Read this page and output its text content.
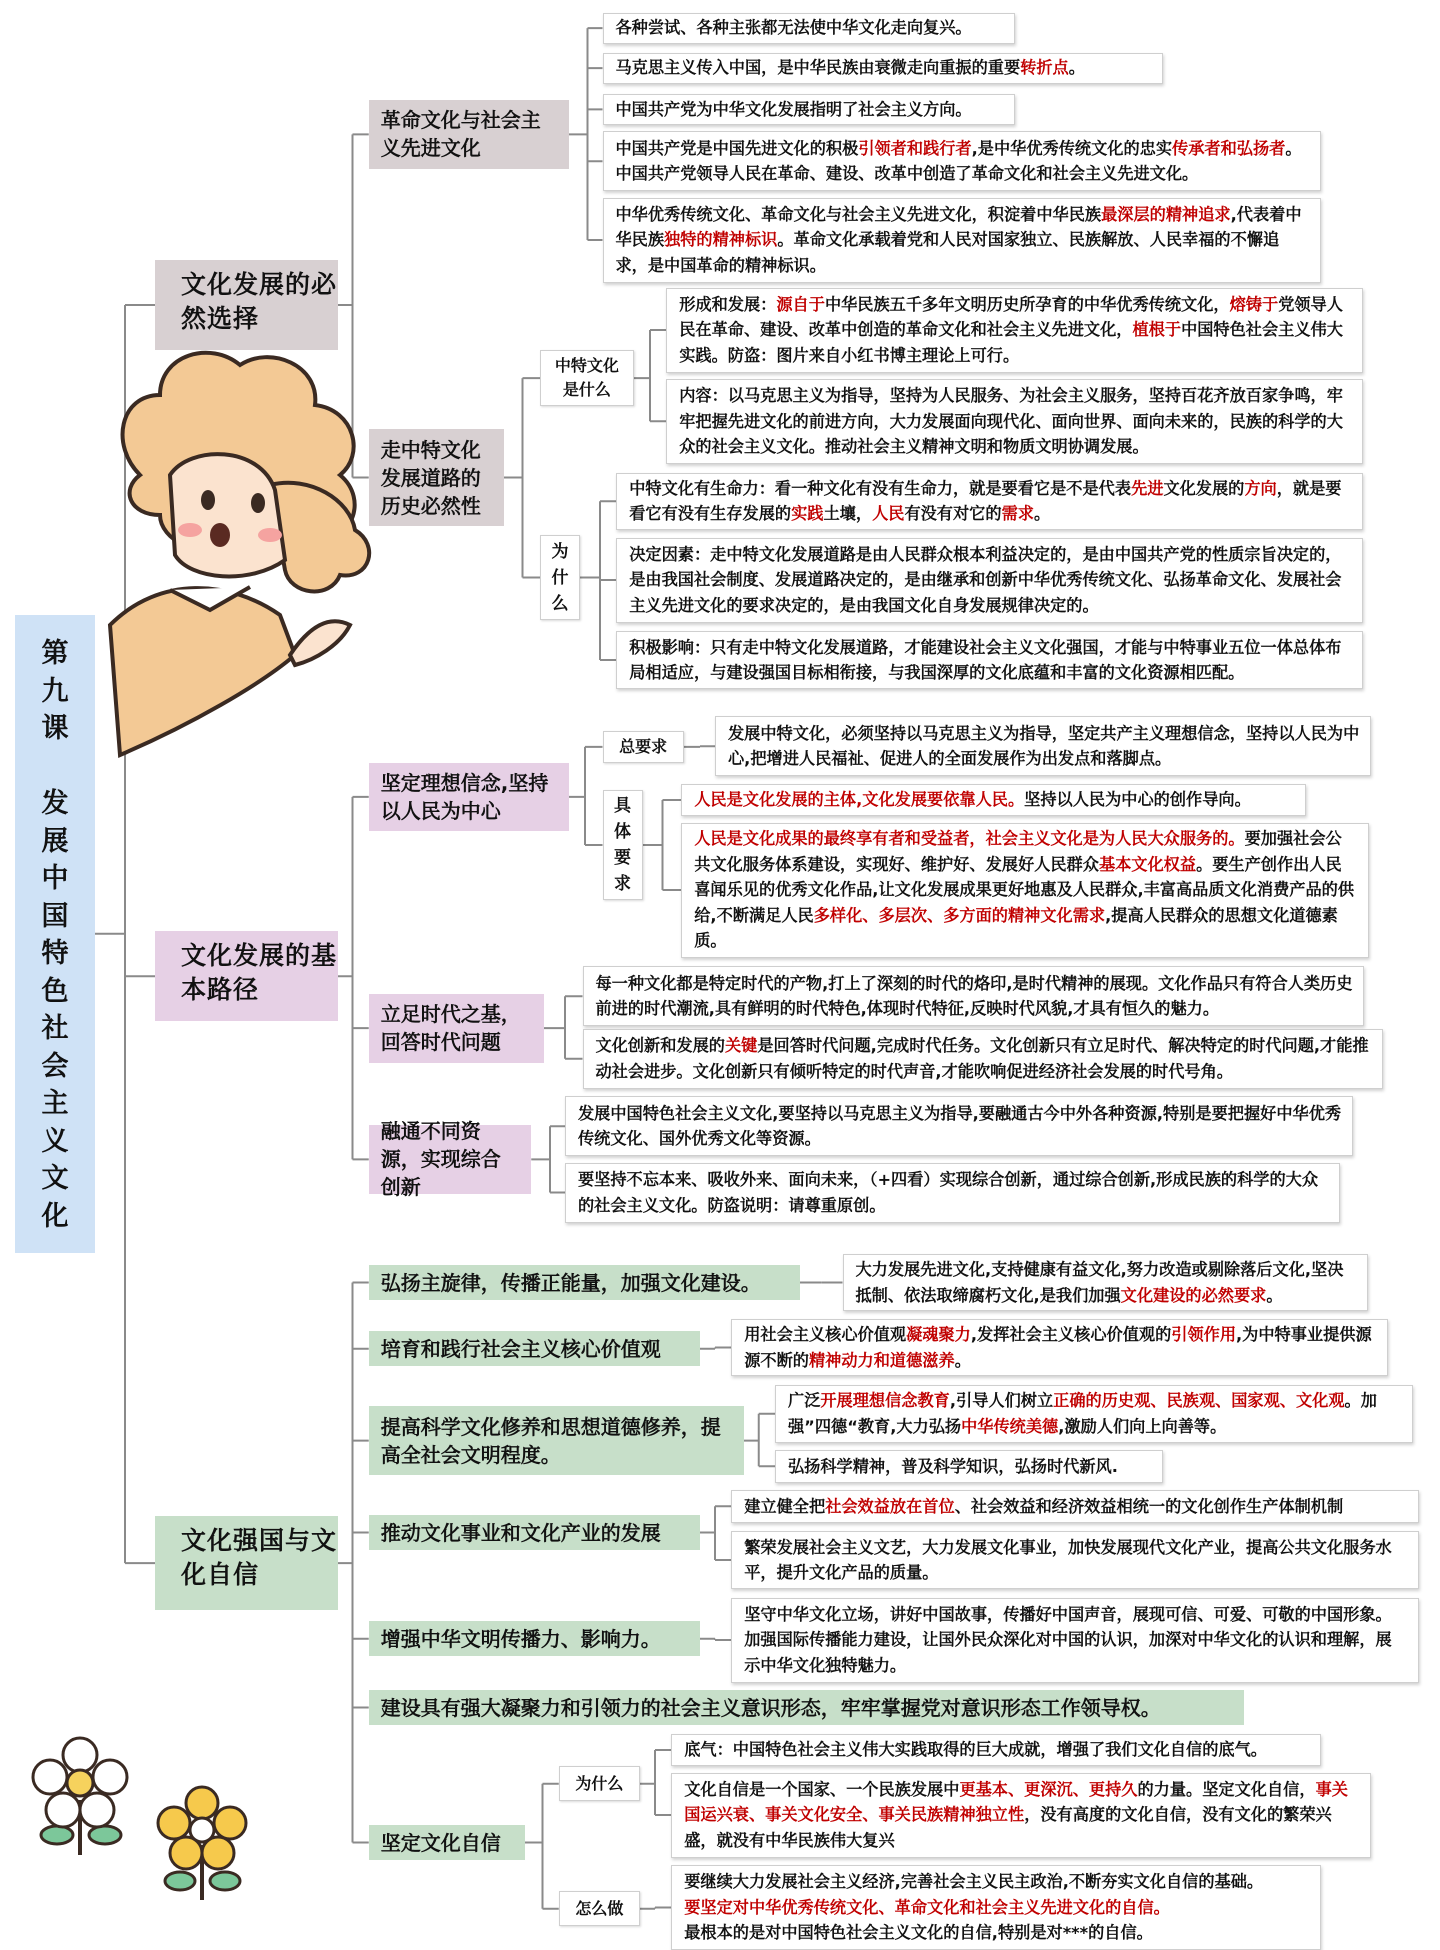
第九课

发展中国特色社会主义文化
文化发展的必然选择
文化发展的基本路径
文化强国与文化自信
革命文化与社会主义先进文化
各种尝试、各种主张都无法使中华文化走向复兴。
马克思主义传入中国，是中华民族由衰微走向重振的重要转折点。
中国共产党为中华文化发展指明了社会主义方向。
中国共产党是中国先进文化的积极引领者和践行者,是中华优秀传统文化的忠实传承者和弘扬者。中国共产党领导人民在革命、建设、改革中创造了革命文化和社会主义先进文化。
中华优秀传统文化、革命文化与社会主义先进文化，积淀着中华民族最深层的精神追求,代表着中华民族独特的精神标识。革命文化承载着党和人民对国家独立、民族解放、人民幸福的不懈追求，是中国革命的精神标识。
走中特文化发展道路的历史必然性
中特文化是什么
为什么
形成和发展：源自于中华民族五千多年文明历史所孕育的中华优秀传统文化，熔铸于党领导人民在革命、建设、改革中创造的革命文化和社会主义先进文化，植根于中国特色社会主义伟大实践。防盗：图片来自小红书博主理论上可行。
内容：以马克思主义为指导，坚持为人民服务、为社会主义服务，坚持百花齐放百家争鸣，牢牢把握先进文化的前进方向，大力发展面向现代化、面向世界、面向未来的，民族的科学的大众的社会主义文化。推动社会主义精神文明和物质文明协调发展。
中特文化有生命力：看一种文化有没有生命力，就是要看它是不是代表先进文化发展的方向，就是要看它有没有生存发展的实践土壤，人民有没有对它的需求。
决定因素：走中特文化发展道路是由人民群众根本利益决定的，是由中国共产党的性质宗旨决定的，是由我国社会制度、发展道路决定的，是由继承和创新中华优秀传统文化、弘扬革命文化、发展社会主义先进文化的要求决定的，是由我国文化自身发展规律决定的。
积极影响：只有走中特文化发展道路，才能建设社会主义文化强国，才能与中特事业五位一体总体布局相适应，与建设强国目标相衔接，与我国深厚的文化底蕴和丰富的文化资源相匹配。
坚定理想信念,坚持以人民为中心
总要求
具体要求
发展中特文化，必须坚持以马克思主义为指导，坚定共产主义理想信念，坚持以人民为中心,把增进人民福祉、促进人的全面发展作为出发点和落脚点。
人民是文化发展的主体,文化发展要依靠人民。坚持以人民为中心的创作导向。
人民是文化成果的最终享有者和受益者，社会主义文化是为人民大众服务的。要加强社会公共文化服务体系建设，实现好、维护好、发展好人民群众基本文化权益。要生产创作出人民喜闻乐见的优秀文化作品,让文化发展成果更好地惠及人民群众,丰富高品质文化消费产品的供给,不断满足人民多样化、多层次、多方面的精神文化需求,提高人民群众的思想文化道德素质。
立足时代之基，回答时代问题
每一种文化都是特定时代的产物,打上了深刻的时代的烙印,是时代精神的展现。文化作品只有符合人类历史前进的时代潮流,具有鲜明的时代特色,体现时代特征,反映时代风貌,才具有恒久的魅力。
文化创新和发展的关键是回答时代问题,完成时代任务。文化创新只有立足时代、解决特定的时代问题,才能推动社会进步。文化创新只有倾听特定的时代声音,才能吹响促进经济社会发展的时代号角。
融通不同资源，实现综合创新
发展中国特色社会主义文化,要坚持以马克思主义为指导,要融通古今中外各种资源,特别是要把握好中华优秀传统文化、国外优秀文化等资源。
要坚持不忘本来、吸收外来、面向未来，（+四看）实现综合创新，通过综合创新,形成民族的科学的大众的社会主义文化。防盗说明：请尊重原创。
弘扬主旋律，传播正能量，加强文化建设。
大力发展先进文化,支持健康有益文化,努力改造或剔除落后文化,坚决抵制、依法取缔腐朽文化,是我们加强文化建设的必然要求。
培育和践行社会主义核心价值观
用社会主义核心价值观凝魂聚力,发挥社会主义核心价值观的引领作用,为中特事业提供源源不断的精神动力和道德滋养。
提高科学文化修养和思想道德修养，提高全社会文明程度。
广泛开展理想信念教育,引导人们树立正确的历史观、民族观、国家观、文化观。加强”四德“教育,大力弘扬中华传统美德,激励人们向上向善等。
弘扬科学精神，普及科学知识，弘扬时代新风.
推动文化事业和文化产业的发展
建立健全把社会效益放在首位、社会效益和经济效益相统一的文化创作生产体制机制
繁荣发展社会主义文艺，大力发展文化事业，加快发展现代文化产业，提高公共文化服务水平，提升文化产品的质量。
增强中华文明传播力、影响力。
坚守中华文化立场，讲好中国故事，传播好中国声音，展现可信、可爱、可敬的中国形象。加强国际传播能力建设，让国外民众深化对中国的认识，加深对中华文化的认识和理解，展示中华文化独特魅力。
建设具有强大凝聚力和引领力的社会主义意识形态，牢牢掌握党对意识形态工作领导权。
坚定文化自信
为什么
怎么做
底气：中国特色社会主义伟大实践取得的巨大成就，增强了我们文化自信的底气。
文化自信是一个国家、一个民族发展中更基本、更深沉、更持久的力量。坚定文化自信，事关国运兴衰、事关文化安全、事关民族精神独立性，没有高度的文化自信，没有文化的繁荣兴盛，就没有中华民族伟大复兴
要继续大力发展社会主义经济,完善社会主义民主政治,不断夯实文化自信的基础。
要坚定对中华优秀传统文化、革命文化和社会主义先进文化的自信。
最根本的是对中国特色社会主义文化的自信,特别是对***的自信。
